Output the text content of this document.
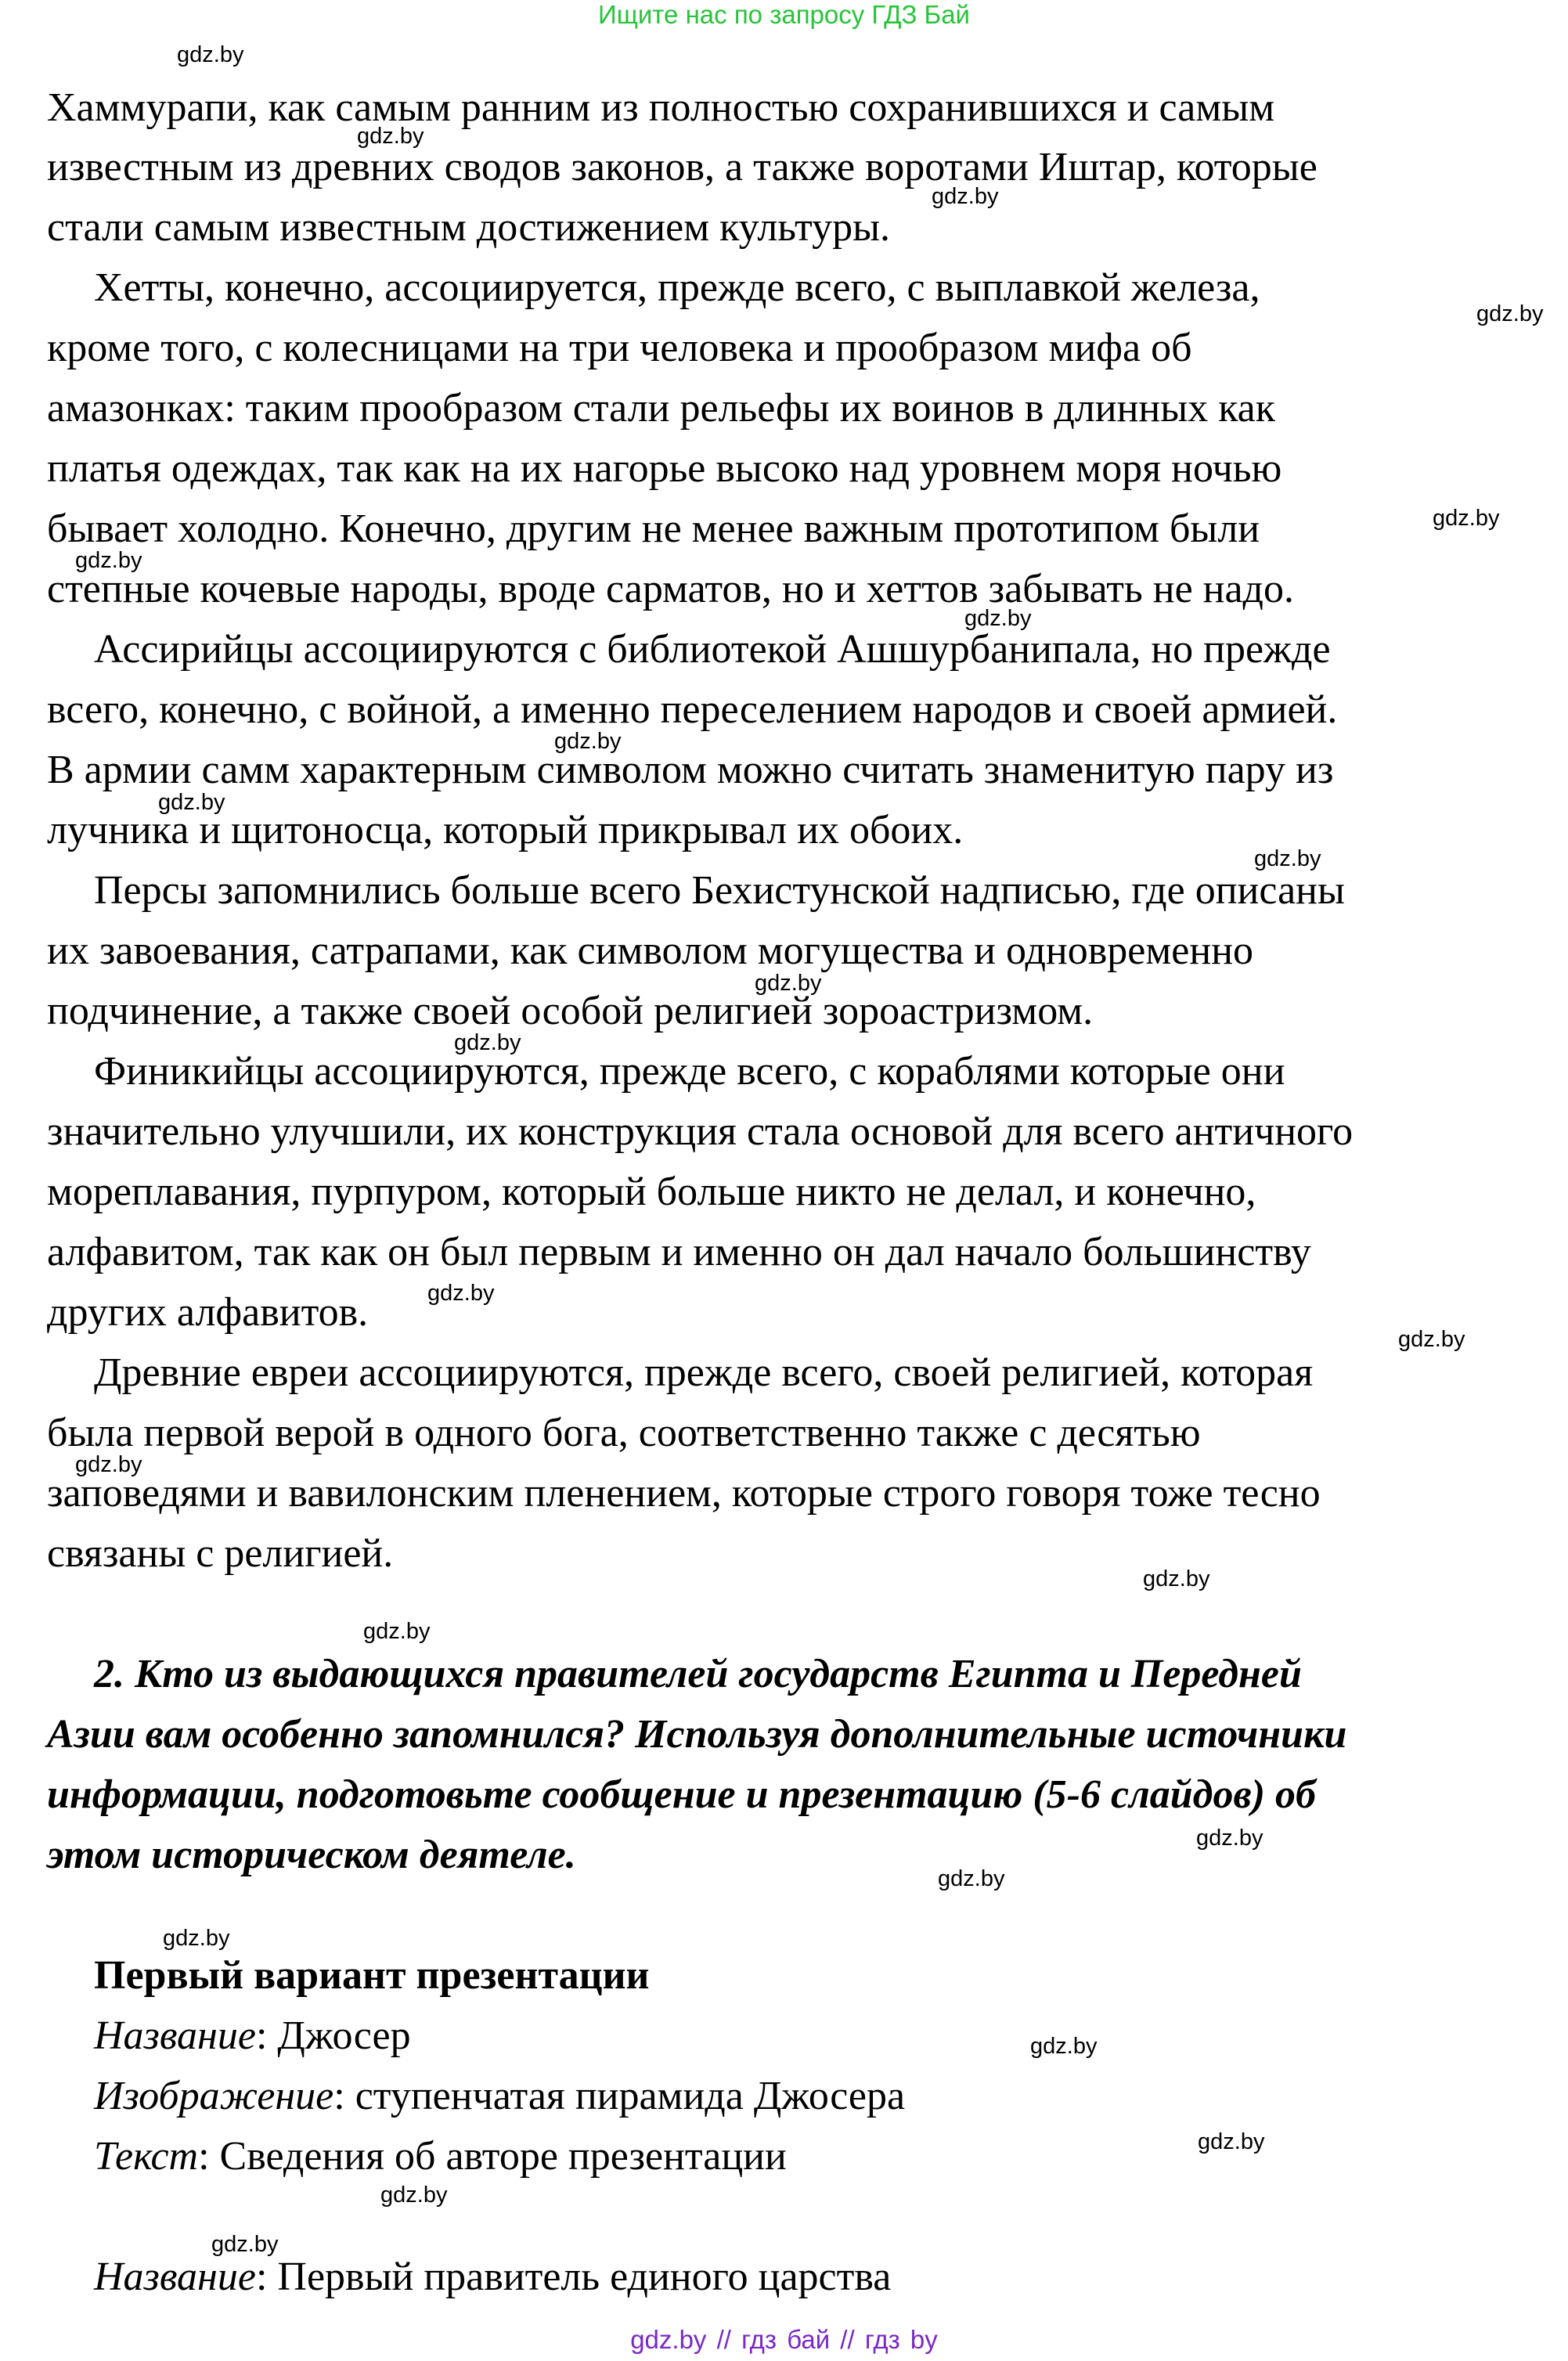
Ищите нас по запросу ГДЗ Бай
Хаммурапи, как самым ранним из полностью сохранившихся и самым
известным из древних сводов законов, а также воротами Иштар, которые
стали самым известным достижением культуры.
Хетты, конечно, ассоциируется, прежде всего, с выплавкой железа,
кроме того, с колесницами на три человека и прообразом мифа об
амазонках: таким прообразом стали рельефы их воинов в длинных как
платья одеждах, так как на их нагорье высоко над уровнем моря ночью
бывает холодно. Конечно, другим не менее важным прототипом были
степные кочевые народы, вроде сарматов, но и хеттов забывать не надо.
Ассирийцы ассоциируются с библиотекой Ашшурбанипала, но прежде
всего, конечно, с войной, а именно переселением народов и своей армией.
В армии самм характерным символом можно считать знаменитую пару из
лучника и щитоносца, который прикрывал их обоих.
Персы запомнились больше всего Бехистунской надписью, где описаны
их завоевания, сатрапами, как символом могущества и одновременно
подчинение, а также своей особой религией зороастризмом.
Финикийцы ассоциируются, прежде всего, с кораблями которые они
значительно улучшили, их конструкция стала основой для всего античного
мореплавания, пурпуром, который больше никто не делал, и конечно,
алфавитом, так как он был первым и именно он дал начало большинству
других алфавитов.
Древние евреи ассоциируются, прежде всего, своей религией, которая
была первой верой в одного бога, соответственно также с десятью
заповедями и вавилонским пленением, которые строго говоря тоже тесно
связаны с религией.
2. Кто из выдающихся правителей государств Египта и Передней
Азии вам особенно запомнился? Используя дополнительные источники
информации, подготовьте сообщение и презентацию (5-6 слайдов) об
этом историческом деятеле.
Первый вариант презентации
Название: Джосер
Изображение: ступенчатая пирамида Джосера
Текст: Сведения об авторе презентации
Название: Первый правитель единого царства
gdz.by
gdz.by
gdz.by
gdz.by
gdz.by
gdz.by
gdz.by
gdz.by
gdz.by
gdz.by
gdz.by
gdz.by
gdz.by
gdz.by
gdz.by
gdz.by
gdz.by
gdz.by
gdz.by
gdz.by
gdz.by
gdz.by
gdz.by
gdz.by
gdz.by // гдз бай // гдз by
